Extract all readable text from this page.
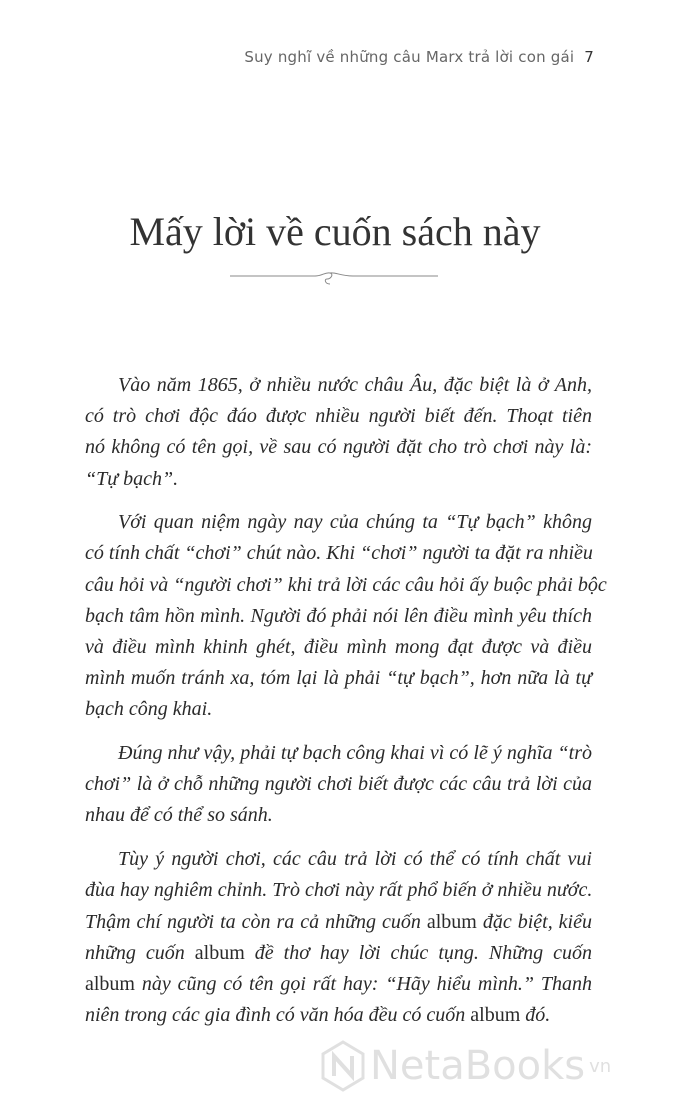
Suy nghĩ về những câu Marx trả lời con gái 7
Mấy lời về cuốn sách này
Vào năm 1865, ở nhiều nước châu Âu, đặc biệt là ở Anh,
có trò chơi độc đáo được nhiều người biết đến. Thoạt tiên
nó không có tên gọi, về sau có người đặt cho trò chơi này là:
“Tự bạch”.
Với quan niệm ngày nay của chúng ta “Tự bạch” không
có tính chất “chơi” chút nào. Khi “chơi” người ta đặt ra nhiều
câu hỏi và “người chơi” khi trả lời các câu hỏi ấy buộc phải bộc
bạch tâm hồn mình. Người đó phải nói lên điều mình yêu thích
và điều mình khinh ghét, điều mình mong đạt được và điều
mình muốn tránh xa, tóm lại là phải “tự bạch”, hơn nữa là tự
bạch công khai.
Đúng như vậy, phải tự bạch công khai vì có lẽ ý nghĩa “trò
chơi” là ở chỗ những người chơi biết được các câu trả lời của
nhau để có thể so sánh.
Tùy ý người chơi, các câu trả lời có thể có tính chất vui
đùa hay nghiêm chỉnh. Trò chơi này rất phổ biến ở nhiều nước.
Thậm chí người ta còn ra cả những cuốn album đặc biệt, kiểu
những cuốn album đề thơ hay lời chúc tụng. Những cuốn
album này cũng có tên gọi rất hay: “Hãy hiểu mình.” Thanh
niên trong các gia đình có văn hóa đều có cuốn album đó.
NetaBooks vn
